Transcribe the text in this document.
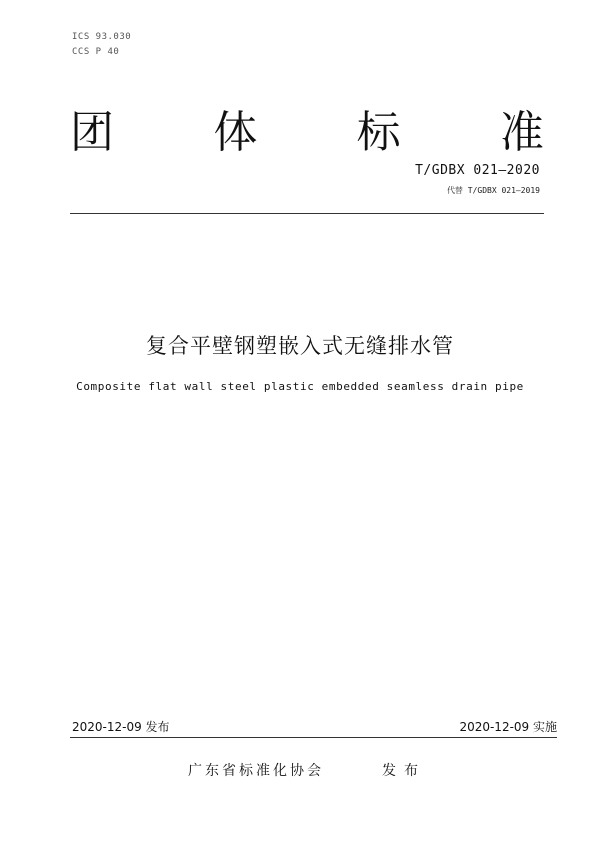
ICS 93.030
CCS P 40
团 体 标 准
T/GDBX 021—2020
代替 T/GDBX 021—2019
复合平壁钢塑嵌入式无缝排水管
Composite flat wall steel plastic embedded seamless drain pipe
2020-12-09 发布	2020-12-09 实施
广东省标准化协会	发布
